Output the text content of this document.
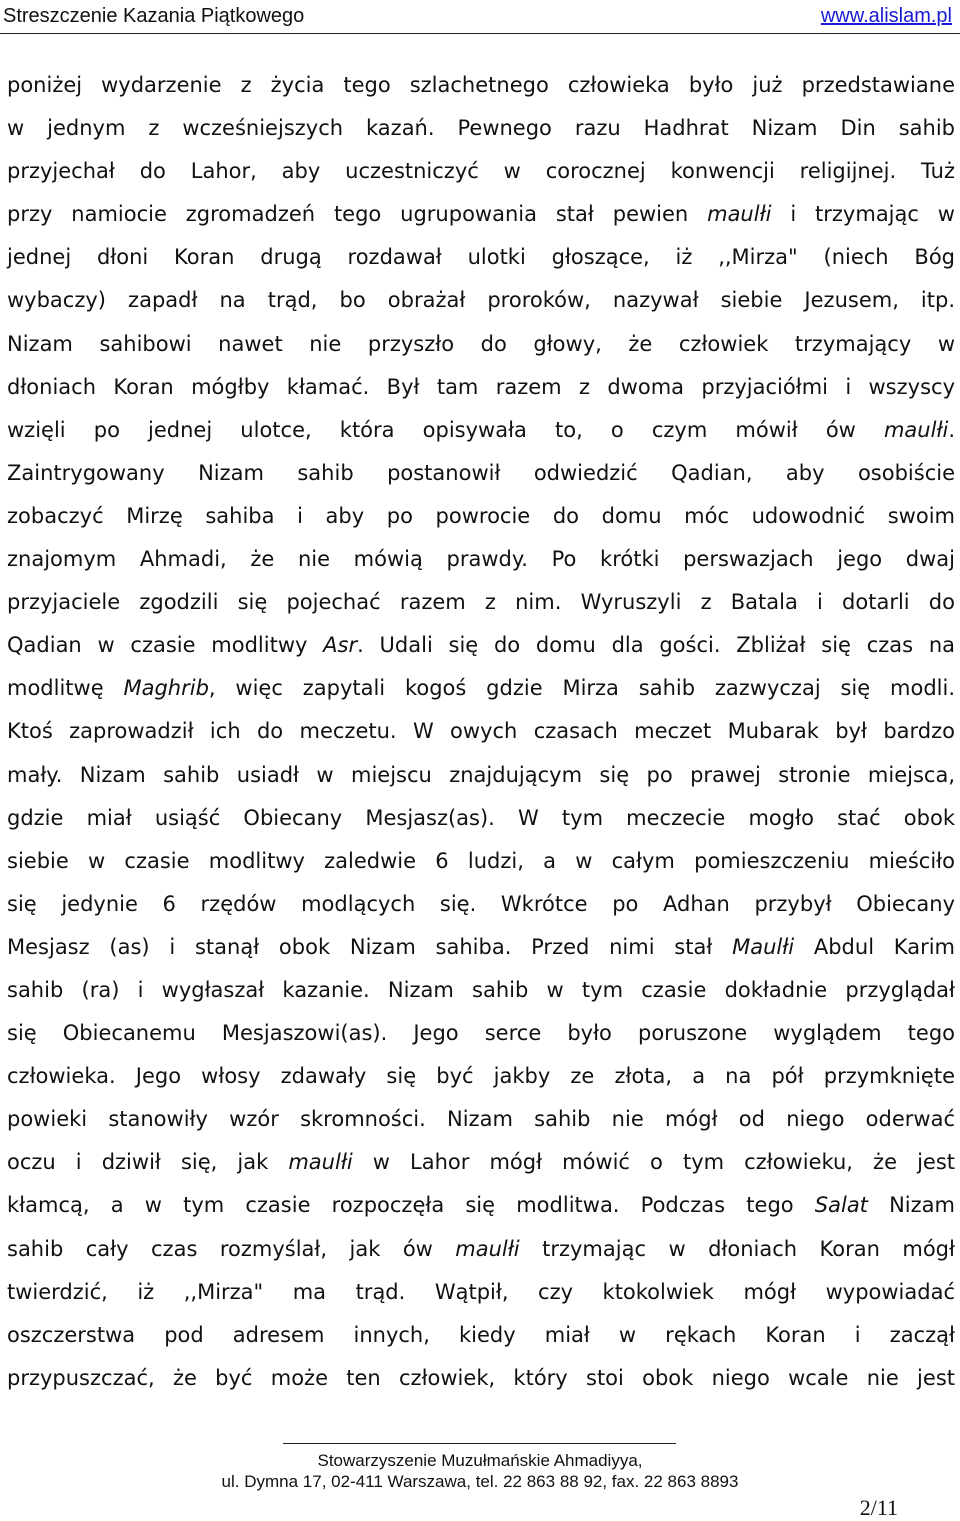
Streszczenie Kazania Piątkowego	www.alislam.pl
poniżej wydarzenie z życia tego szlachetnego człowieka było już przedstawiane
w jednym z wcześniejszych kazań. Pewnego razu Hadhrat Nizam Din sahib
przyjechał do Lahor, aby uczestniczyć w corocznej konwencji religijnej. Tuż
przy namiocie zgromadzeń tego ugrupowania stał pewien maulłi i trzymając w
jednej dłoni Koran drugą rozdawał ulotki głoszące, iż ,,Mirza" (niech Bóg
wybaczy) zapadł na trąd, bo obrażał proroków, nazywał siebie Jezusem, itp.
Nizam sahibowi nawet nie przyszło do głowy, że człowiek trzymający w
dłoniach Koran mógłby kłamać. Był tam razem z dwoma przyjaciółmi i wszyscy
wzięli po jednej ulotce, która opisywała to, o czym mówił ów maulłi.
Zaintrygowany Nizam sahib postanowił odwiedzić Qadian, aby osobiście
zobaczyć Mirzę sahiba i aby po powrocie do domu móc udowodnić swoim
znajomym Ahmadi, że nie mówią prawdy. Po krótki perswazjach jego dwaj
przyjaciele zgodzili się pojechać razem z nim. Wyruszyli z Batala i dotarli do
Qadian w czasie modlitwy Asr. Udali się do domu dla gości. Zbliżał się czas na
modlitwę Maghrib, więc zapytali kogoś gdzie Mirza sahib zazwyczaj się modli.
Ktoś zaprowadził ich do meczetu. W owych czasach meczet Mubarak był bardzo
mały. Nizam sahib usiadł w miejscu znajdującym się po prawej stronie miejsca,
gdzie miał usiąść Obiecany Mesjasz(as). W tym meczecie mogło stać obok
siebie w czasie modlitwy zaledwie 6 ludzi, a w całym pomieszczeniu mieściło
się jedynie 6 rzędów modlących się. Wkrótce po Adhan przybył Obiecany
Mesjasz (as) i stanął obok Nizam sahiba. Przed nimi stał Maulłi Abdul Karim
sahib (ra) i wygłaszał kazanie. Nizam sahib w tym czasie dokładnie przyglądał
się Obiecanemu Mesjaszowi(as). Jego serce było poruszone wyglądem tego
człowieka. Jego włosy zdawały się być jakby ze złota, a na pół przymknięte
powieki stanowiły wzór skromności. Nizam sahib nie mógł od niego oderwać
oczu i dziwił się, jak maulłi w Lahor mógł mówić o tym człowieku, że jest
kłamcą, a w tym czasie rozpoczęła się modlitwa. Podczas tego Salat Nizam
sahib cały czas rozmyślał, jak ów maulłi trzymając w dłoniach Koran mógł
twierdzić, iż ,,Mirza" ma trąd. Wątpił, czy ktokolwiek mógł wypowiadać
oszczerstwa pod adresem innych, kiedy miał w rękach Koran i zaczął
przypuszczać, że być może ten człowiek, który stoi obok niego wcale nie jest
Stowarzyszenie Muzułmańskie Ahmadiyya,
ul. Dymna 17, 02-411 Warszawa, tel. 22 863 88 92, fax. 22 863 8893
2/11
